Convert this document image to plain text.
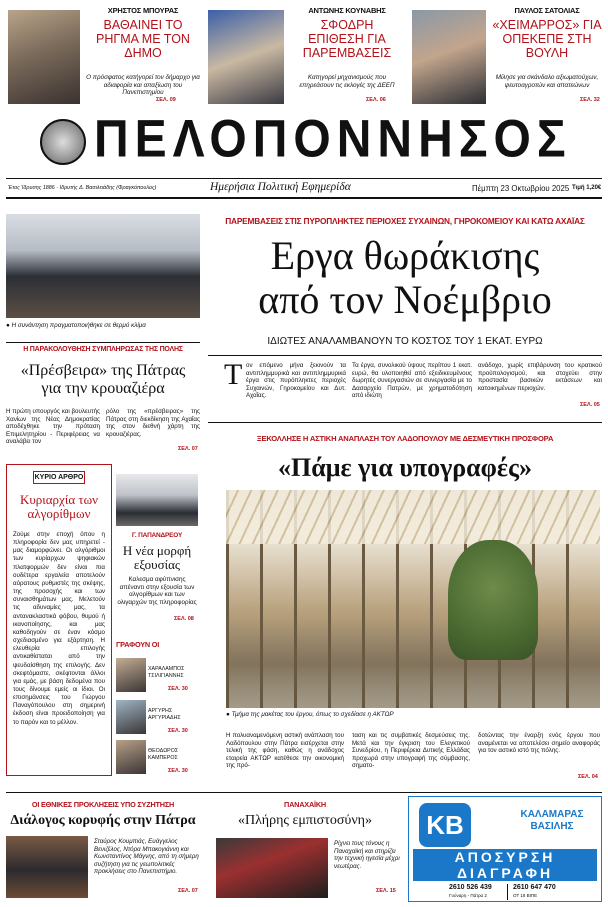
ΧΡΗΣΤΟΣ ΜΠΟΥΡΑΣ
ΒΑΘΑΙΝΕΙ ΤΟ ΡΗΓΜΑ ΜΕ ΤΟΝ ΔΗΜΟ
Ο πρόσφατος κατήγορεί τον δήμαρχο για αδιαφορία και απαξίωση του Πανεπιστημίου
ΣΕΛ. 09
ΑΝΤΩΝΗΣ ΚΟΥΝΑΒΗΣ
ΣΦΟΔΡΗ ΕΠΙΘΕΣΗ ΓΙΑ ΠΑΡΕΜΒΑΣΕΙΣ
Κατηγορεί μηχανισμούς που επηρεάσουν τις εκλογές της ΔΕΕΠ
ΣΕΛ. 06
ΠΑΥΛΟΣ ΣΑΤΟΛΙΑΣ
«ΧΕΙΜΑΡΡΟΣ» ΓΙΑ ΟΠΕΚΕΠΕ ΣΤΗ ΒΟΥΛΗ
Μίλησε για σκάνδαλο αξιωματούχων, ψευτοαγροτών και απατεώνων
ΣΕΛ. 32
ΠΕΛΟΠΟΝΝΗΣΟΣ
Έτος Ίδρυσης 1886 · Ιδρυτής Δ. Βασιλειάδης (Φραγκόπουλος)	Ημερήσια Πολιτική Εφημερίδα	Πέμπτη 23 Οκτωβρίου 2025 Τιμή 1,20€
● Η συνάντηση πραγματοποιήθηκε σε θερμό κλίμα
ΠΑΡΕΜΒΑΣΕΙΣ ΣΤΙΣ ΠΥΡΟΠΛΗΚΤΕΣ ΠΕΡΙΟΧΕΣ ΣΥΧΑΙΝΩΝ, ΓΗΡΟΚΟΜΕΙΟΥ ΚΑΙ ΚΑΤΩ ΑΧΑΪΑΣ
Εργα θωράκισης
από τον Νοέμβριο
ΙΔΙΩΤΕΣ ΑΝΑΛΑΜΒΑΝΟΥΝ ΤΟ ΚΟΣΤΟΣ ΤΟΥ 1 ΕΚΑΤ. ΕΥΡΩ
Τ ον επόμενο μήνα ξεκινούν τα αντιπλημμυρικά και αντιπλημμυρικά έργα στις πυρόπληκτες περιοχές Συχαινών, Γηροκομείου και Δυτ. Αχαΐας.
Τα έργα, συνολικού ύψους περίπου 1 εκατ. ευρώ, θα υλοποιηθεί από εξειδικευμένους δωρητές συνεργασιών σε συνεργασία με το Δασαρχείο Πατρών, με χρηματοδότηση από ιδιώτη
ανάδοχο, χωρίς επιβάρυνση του κρατικού προϋπολογισμού, και στοχεύει στην προστασία βασικών εκτάσεων και κατοικημένων περιοχών.
ΣΕΛ. 05
Η ΠΑΡΑΚΟΛΟΥΘΗΣΗ ΣΥΜΠΛΗΡΩΣΑΣ ΤΗΣ ΠΟΛΗΣ
«Πρέσβειρα» της Πάτρας
για την κρουαζιέρα
Η πρώτη υπουργός και βουλευτής Χανίων της Νέας Δημοκρατίας αποδέχθηκε την πρόταση Επιμελητηρίου - Περιφέρειας να αναλάβει τον
ρόλο της «πρέσβειρας» της Πάτρας στη διεκδίκηση της Αχαΐας της στον διεθνή χάρτη της κρουαζιέρας.
ΣΕΛ. 07
ΚΥΡΙΟ ΑΡΘΡΟ
Κυριαρχία των αλγορίθμων
Ζούμε στην εποχή όπου η πληροφορία δεν μας υπηρετεί - μας διαμορφώνει. Οι αλγόριθμοι των κυρίαρχων ψηφιακών πλατφορμών δεν είναι πια ουδέτερα εργαλεία αποτελούν αόρατους ρυθμιστές της σκέψης, της προσοχής και των συναισθημάτων μας. Μελετούν τις αδυναμίες μας, τα αντανακλαστικά φόβου, θυμού ή ικανοποίησης, και μας καθοδηγούν σε έναν κόσμο σχεδιασμένο για εξάρτηση. Η ελευθερία επιλογής αντικαθίσταται από την ψευδαίσθηση της επιλογής. Δεν σκεφτόμαστε, σκέφτονται άλλοι για εμάς, με βάση δεδομένα που τους δίνουμε εμείς οι ίδιοι. Οι επισημάνσεις του Γιώργου Παναγόπουλου στη σημερινή έκδοση είναι προειδοποίηση για το παρόν και το μέλλον.
Γ. ΠΑΠΑΝΔΡΕΟΥ
Η νέα μορφή εξουσίας
Καλεσμα αφύπνισης απέναντι στην εξουσία των αλγορίθμων και των ολιγαρχών της πληροφορίας
ΣΕΛ. 08
ΓΡΑΦΟΥΝ ΟΙ
ΧΑΡΑΛΑΜΠΟΣ ΤΣΙΛΙΓΙΑΝΝΗΣ
ΣΕΛ. 30
ΑΡΓΥΡΗΣ ΑΡΓΥΡΙΑΔΗΣ
ΣΕΛ. 30
ΘΕΟΔΩΡΟΣ ΚΑΜΠΕΡΟΣ
ΣΕΛ. 30
ΞΕΚΟΛΛΗΣΕ Η ΑΣΤΙΚΗ ΑΝΑΠΛΑΣΗ ΤΟΥ ΛΑΔΟΠΟΥΛΟΥ ΜΕ ΔΕΣΜΕΥΤΙΚΗ ΠΡΟΣΦΟΡΑ
«Πάμε για υπογραφές»
● Τμήμα της μακέτας του έργου, όπως το σχεδίασε η ΑΚΤΩΡ
Η πολυαναμενόμενη αστική ανάπλαση του Λαδόπουλου στην Πάτρα εισέρχεται στην τελική της φάση, καθώς η ανάδοχος εταιρεία ΑΚΤΩΡ κατέθεσε την οικονομική της πρό-
ταση και τις συμβατικές δεσμεύσεις της. Μετά και την έγκριση του Ελεγκτικού Συνεδρίου, η Περιφέρεια Δυτικής Ελλάδας προχωρά στην υπογραφή της σύμβασης, σηματο-
δοτώντας την έναρξη ενός έργου που αναμένεται να αποτελέσει σημείο αναφοράς για τον αστικό ιστό της πόλης.
ΣΕΛ. 04
ΟΙ ΕΘΝΙΚΕΣ ΠΡΟΚΛΗΣΕΙΣ ΥΠΟ ΣΥΖΗΤΗΣΗ
Διάλογος κορυφής στην Πάτρα
Σταύρος Κουμπιάς, Ευάγγελος Βενιζέλος, Ντόρα Μπακογιάννη και Κωνσταντίνος Μάγνης, από τη σήμερη συζήτηση για τις γεωπολιτικές προκλήσεις στο Πανεπιστήμιο.
ΣΕΛ. 07
ΠΑΝΑΧΑΪΚΗ
«Πλήρης εμπιστοσύνη»
Ρίχνει τους τόνους η Παναχαϊκή και στηρίζει την τεχνική ηγεσία μέχρι νεωτέρας.
ΣΕΛ. 15
ΚΒ	ΚΑΛΑΜΑΡΑΣ
ΒΑΣΙΛΗΣ
ΑΠΟΣΥΡΣΗ
ΔΙΑΓΡΑΦΗ
2610 526 439
Γούναρη - Πάτρα 2
2610 647 470
ΟΤ 18 ΒΙΠΕ
